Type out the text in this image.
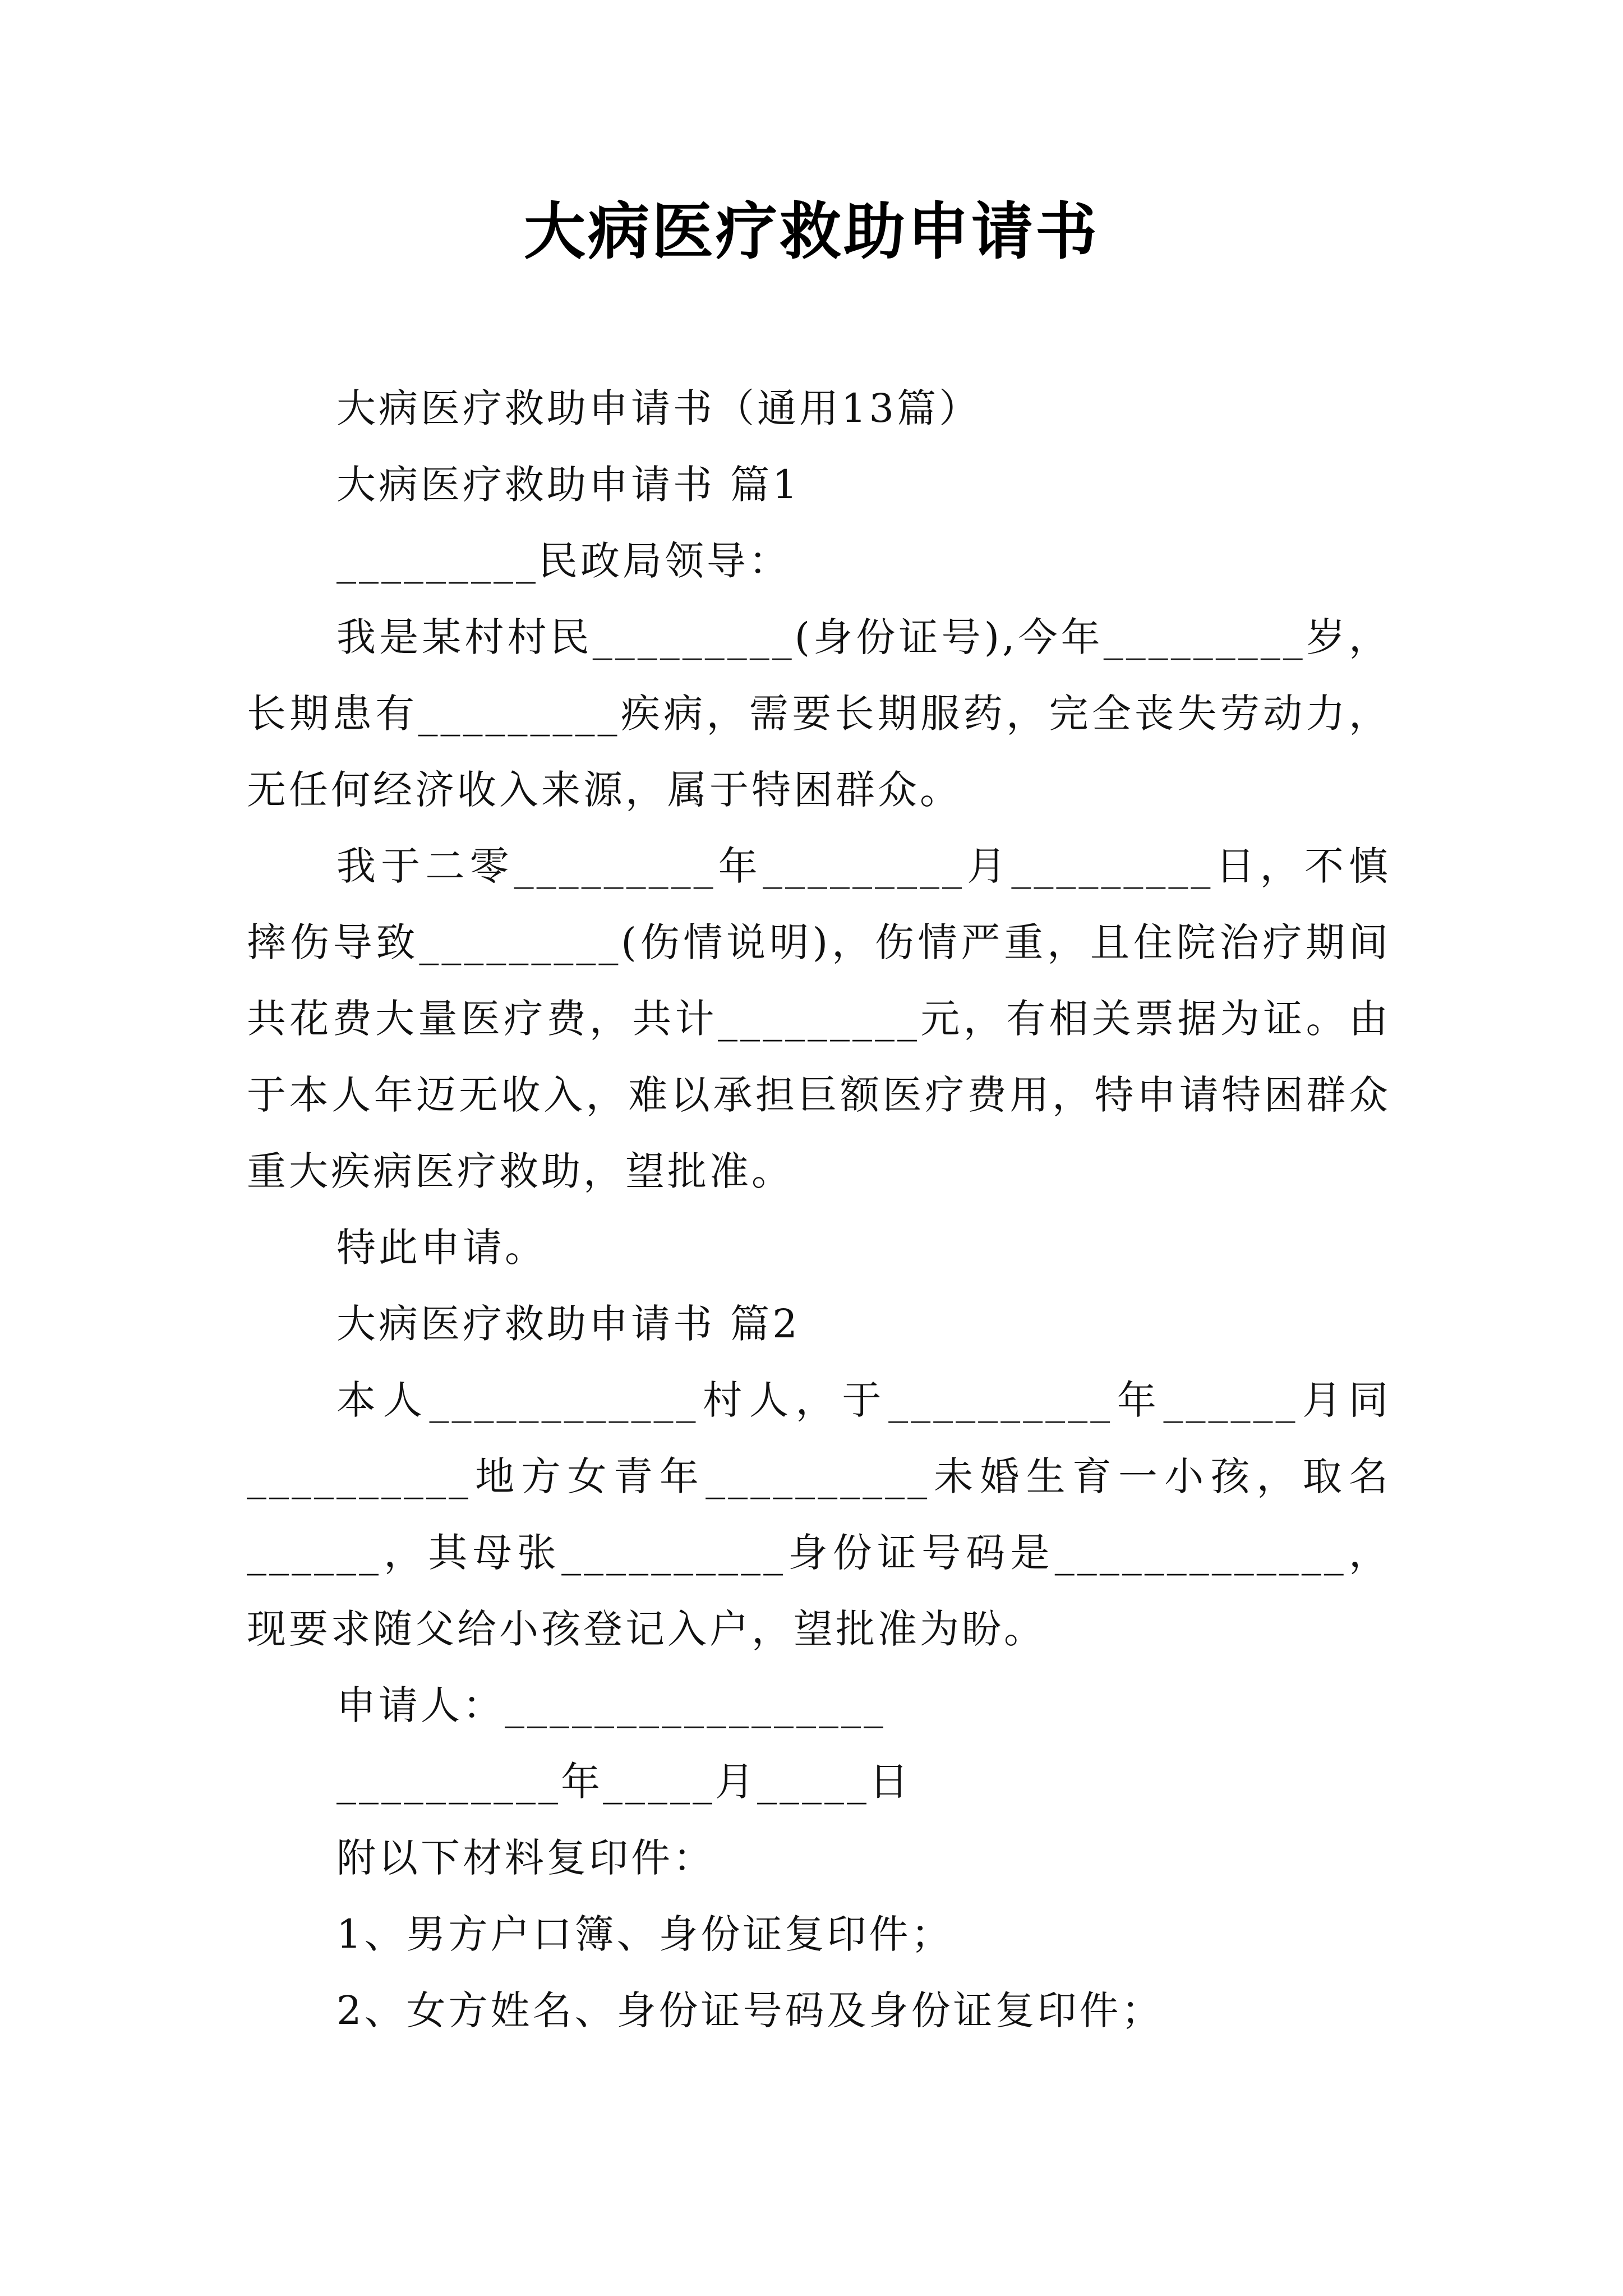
大病医疗救助申请书

大病医疗救助申请书（通用13篇）

大病医疗救助申请书 篇1

_________民政局领导：

我是某村村民_________(身份证号),今年_________岁，长期患有_________疾病，需要长期服药，完全丧失劳动力，无任何经济收入来源，属于特困群众。

我于二零_________年_________月_________日，不慎摔伤导致_________(伤情说明)，伤情严重，且住院治疗期间共花费大量医疗费，共计_________元，有相关票据为证。由于本人年迈无收入，难以承担巨额医疗费用，特申请特困群众重大疾病医疗救助，望批准。

特此申请。

大病医疗救助申请书 篇2

本人____________村人，于__________年______月同__________地方女青年__________未婚生育一小孩，取名______，其母张__________身份证号码是_____________，现要求随父给小孩登记入户，望批准为盼。

申请人：_________________

__________年_____月_____日

附以下材料复印件：

1、男方户口簿、身份证复印件；

2、女方姓名、身份证号码及身份证复印件；
